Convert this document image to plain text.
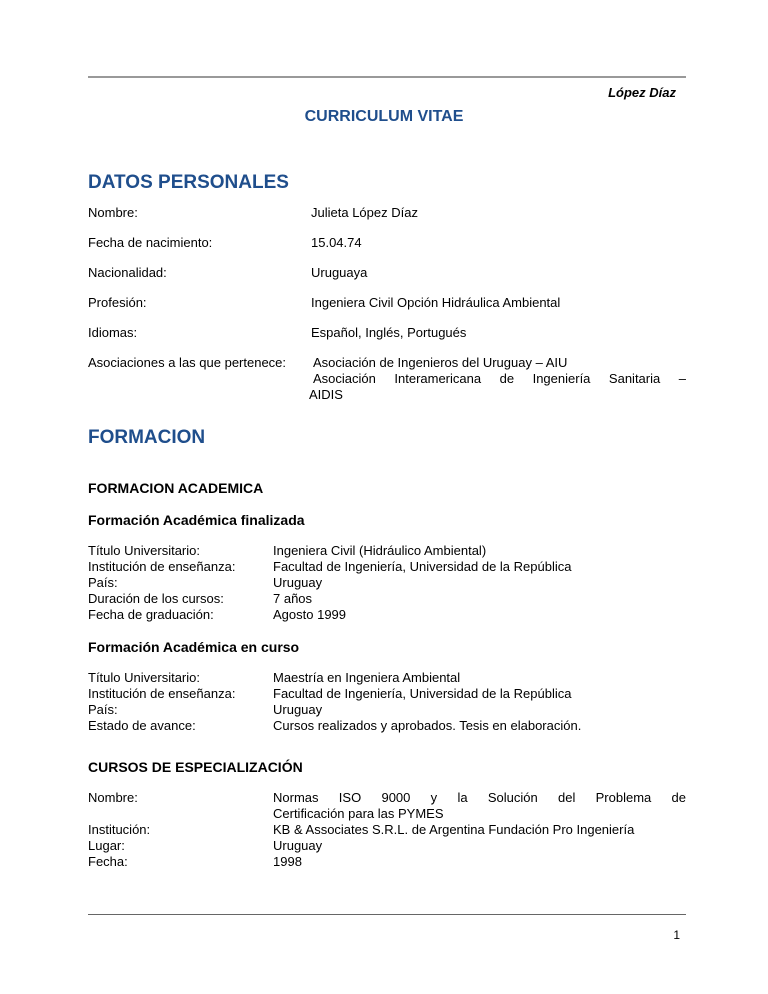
López Díaz
CURRICULUM VITAE
DATOS PERSONALES
Nombre:	Julieta López Díaz
Fecha de nacimiento:	15.04.74
Nacionalidad:	Uruguaya
Profesión:	Ingeniera Civil Opción Hidráulica Ambiental
Idiomas:	Español, Inglés, Portugués
Asociaciones a las que pertenece: Asociación de Ingenieros del Uruguay – AIU
Asociación Interamericana de Ingeniería Sanitaria –
AIDIS
FORMACION
FORMACION ACADEMICA
Formación Académica finalizada
Título Universitario:	Ingeniera Civil (Hidráulico Ambiental)
Institución de enseñanza:	Facultad de Ingeniería, Universidad de la República
País:	Uruguay
Duración de los cursos:	7 años
Fecha de graduación:	Agosto 1999
Formación Académica en curso
Título Universitario:	Maestría en Ingeniera Ambiental
Institución de enseñanza:	Facultad de Ingeniería, Universidad de la República
País:	Uruguay
Estado de avance:	Cursos realizados y aprobados. Tesis en elaboración.
CURSOS DE ESPECIALIZACIÓN
Nombre:	Normas ISO 9000 y la Solución del Problema de
Certificación para las PYMES
Institución:	KB & Associates S.R.L. de Argentina Fundación Pro Ingeniería
Lugar:	Uruguay
Fecha:	1998
1
